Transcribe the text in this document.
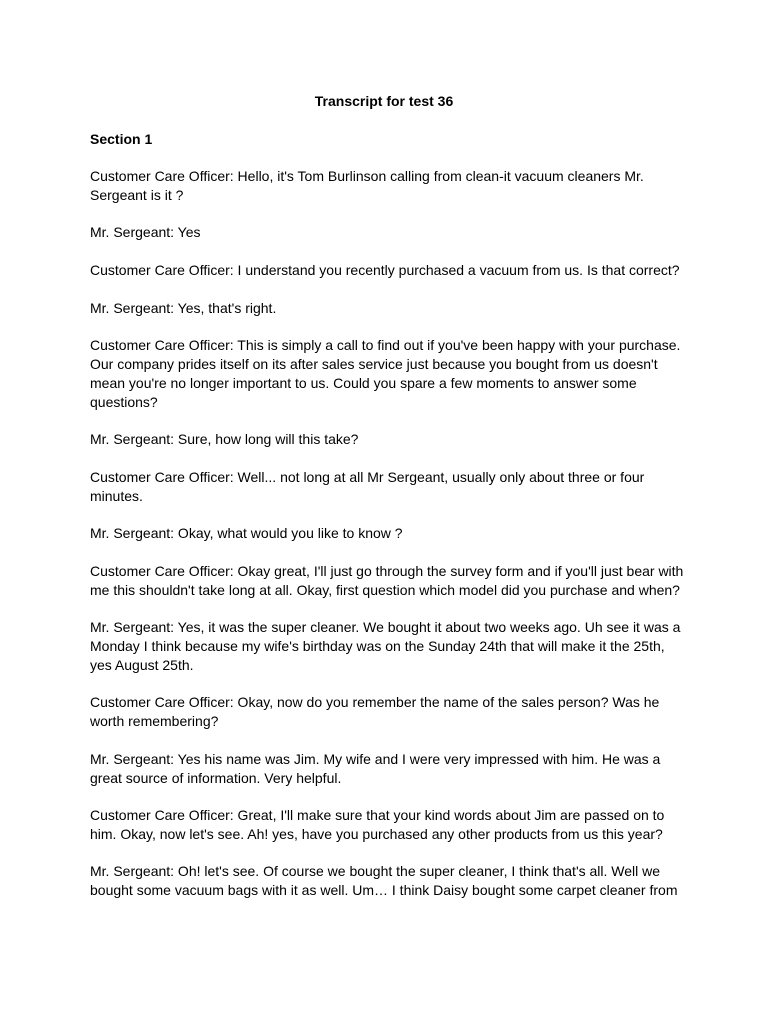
Transcript for test 36
Section 1

Customer Care Officer: Hello, it's Tom Burlinson calling from clean-it vacuum cleaners Mr.
Sergeant is it ?

Mr. Sergeant: Yes

Customer Care Officer: I understand you recently purchased a vacuum from us. Is that correct?

Mr. Sergeant: Yes, that's right.

Customer Care Officer: This is simply a call to find out if you've been happy with your purchase.
Our company prides itself on its after sales service just because you bought from us doesn't
mean you're no longer important to us. Could you spare a few moments to answer some
questions?

Mr. Sergeant: Sure, how long will this take?

Customer Care Officer: Well... not long at all Mr Sergeant, usually only about three or four
minutes.

Mr. Sergeant: Okay, what would you like to know ?

Customer Care Officer: Okay great, I'll just go through the survey form and if you'll just bear with
me this shouldn't take long at all. Okay, first question which model did you purchase and when?

Mr. Sergeant: Yes, it was the super cleaner. We bought it about two weeks ago. Uh see it was a
Monday I think because my wife's birthday was on the Sunday 24th that will make it the 25th,
yes August 25th.

Customer Care Officer: Okay, now do you remember the name of the sales person? Was he
worth remembering?

Mr. Sergeant: Yes his name was Jim. My wife and I were very impressed with him. He was a
great source of information. Very helpful.

Customer Care Officer: Great, I'll make sure that your kind words about Jim are passed on to
him. Okay, now let's see. Ah! yes, have you purchased any other products from us this year?

Mr. Sergeant: Oh! let's see. Of course we bought the super cleaner, I think that's all. Well we
bought some vacuum bags with it as well. Um… I think Daisy bought some carpet cleaner from
